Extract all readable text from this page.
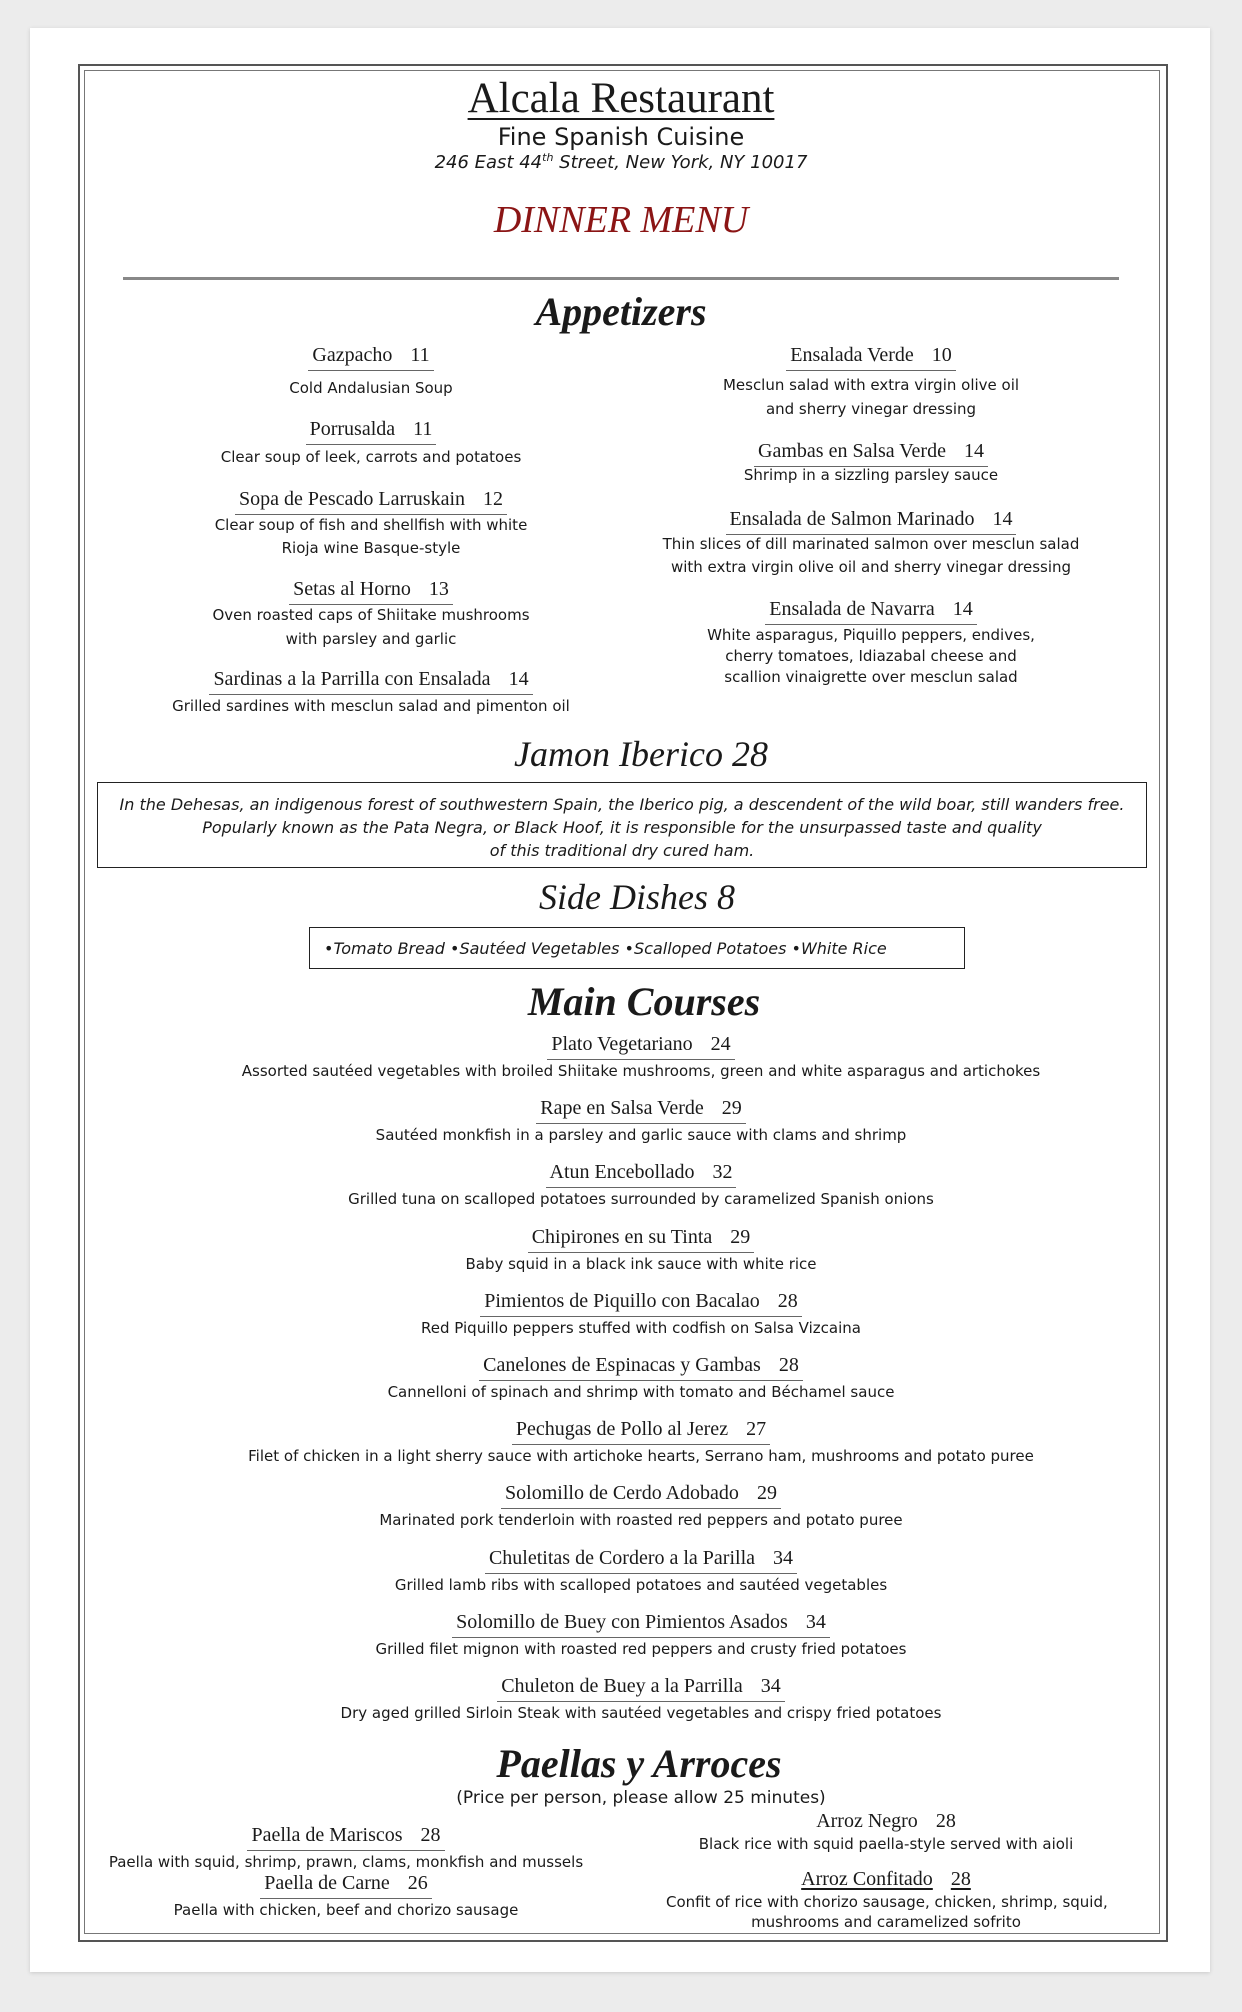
Alcala Restaurant
Fine Spanish Cuisine
246 East 44th Street, New York, NY 10017
DINNER MENU
Appetizers
Gazpacho 11
Cold Andalusian Soup
Porrusalda 11
Clear soup of leek, carrots and potatoes
Sopa de Pescado Larruskain 12
Clear soup of fish and shellfish with white
Rioja wine Basque-style
Setas al Horno 13
Oven roasted caps of Shiitake mushrooms
with parsley and garlic
Sardinas a la Parrilla con Ensalada 14
Grilled sardines with mesclun salad and pimenton oil
Ensalada Verde 10
Mesclun salad with extra virgin olive oil
and sherry vinegar dressing
Gambas en Salsa Verde 14
Shrimp in a sizzling parsley sauce
Ensalada de Salmon Marinado 14
Thin slices of dill marinated salmon over mesclun salad
with extra virgin olive oil and sherry vinegar dressing
Ensalada de Navarra 14
White asparagus, Piquillo peppers, endives,
cherry tomatoes, Idiazabal cheese and
scallion vinaigrette over mesclun salad
Jamon Iberico 28
In the Dehesas, an indigenous forest of southwestern Spain, the Iberico pig, a descendent of the wild boar, still wanders free.
Popularly known as the Pata Negra, or Black Hoof, it is responsible for the unsurpassed taste and quality
of this traditional dry cured ham.
Side Dishes 8
•Tomato Bread •Sautéed Vegetables •Scalloped Potatoes •White Rice
Main Courses
Plato Vegetariano 24
Assorted sautéed vegetables with broiled Shiitake mushrooms, green and white asparagus and artichokes
Rape en Salsa Verde 29
Sautéed monkfish in a parsley and garlic sauce with clams and shrimp
Atun Encebollado 32
Grilled tuna on scalloped potatoes surrounded by caramelized Spanish onions
Chipirones en su Tinta 29
Baby squid in a black ink sauce with white rice
Pimientos de Piquillo con Bacalao 28
Red Piquillo peppers stuffed with codfish on Salsa Vizcaina
Canelones de Espinacas y Gambas 28
Cannelloni of spinach and shrimp with tomato and Béchamel sauce
Pechugas de Pollo al Jerez 27
Filet of chicken in a light sherry sauce with artichoke hearts, Serrano ham, mushrooms and potato puree
Solomillo de Cerdo Adobado 29
Marinated pork tenderloin with roasted red peppers and potato puree
Chuletitas de Cordero a la Parilla 34
Grilled lamb ribs with scalloped potatoes and sautéed vegetables
Solomillo de Buey con Pimientos Asados 34
Grilled filet mignon with roasted red peppers and crusty fried potatoes
Chuleton de Buey a la Parrilla 34
Dry aged grilled Sirloin Steak with sautéed vegetables and crispy fried potatoes
Paellas y Arroces
(Price per person, please allow 25 minutes)
Paella de Mariscos 28
Paella with squid, shrimp, prawn, clams, monkfish and mussels
Paella de Carne 26
Paella with chicken, beef and chorizo sausage
Arroz Negro 28
Black rice with squid paella-style served with aioli
Arroz Confitado 28
Confit of rice with chorizo sausage, chicken, shrimp, squid,
mushrooms and caramelized sofrito
